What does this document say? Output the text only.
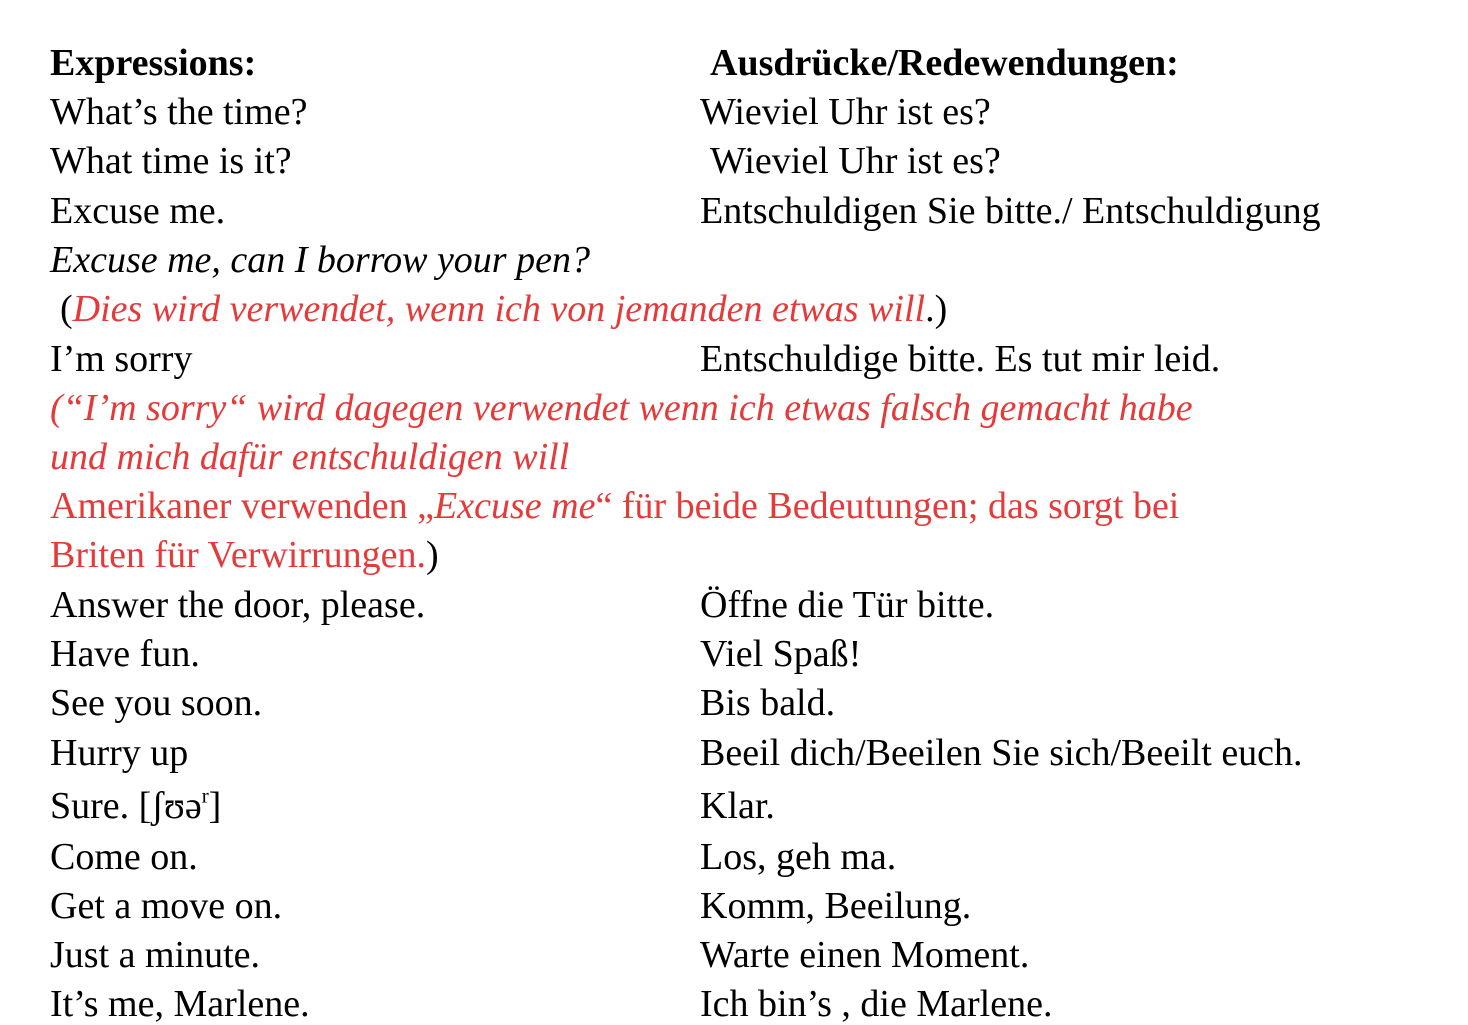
Expressions:	Ausdrücke/Redewendungen:
What’s the time?	Wieviel Uhr ist es?
What time is it?	Wieviel Uhr ist es?
Excuse me.	Entschuldigen Sie bitte./ Entschuldigung
Excuse me, can I borrow your pen?
(Dies wird verwendet, wenn ich von jemanden etwas will.)
I’m sorry	Entschuldige bitte. Es tut mir leid.
(“I’m sorry“ wird dagegen verwendet wenn ich etwas falsch gemacht habe
und mich dafür entschuldigen will
Amerikaner verwenden „Excuse me“ für beide Bedeutungen; das sorgt bei
Briten für Verwirrungen.)
Answer the door, please.	Öffne die Tür bitte.
Have fun.	Viel Spaß!
See you soon.	Bis bald.
Hurry up	Beeil dich/Beeilen Sie sich/Beeilt euch.
Sure. [ʃʊə$^r$]	Klar.
Come on.	Los, geh ma.
Get a move on.	Komm, Beeilung.
Just a minute.	Warte einen Moment.
It’s me, Marlene.	Ich bin’s , die Marlene.
